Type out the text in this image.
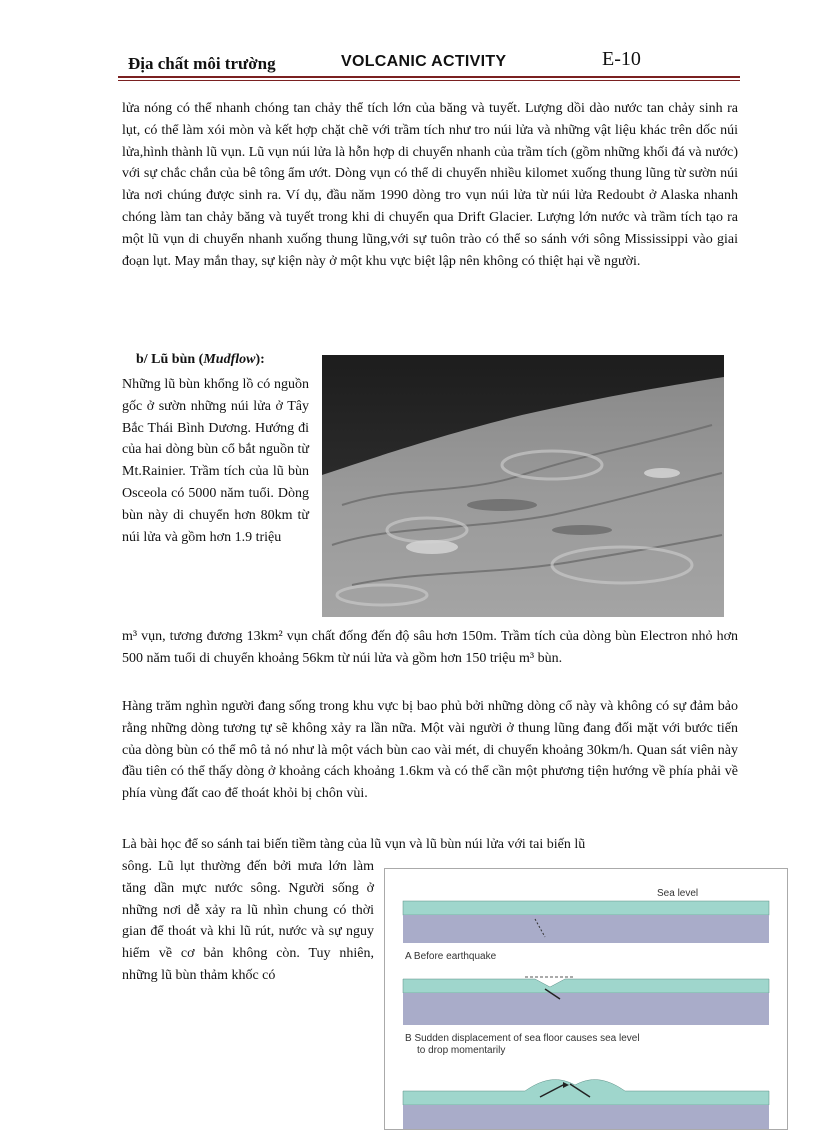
Địa chất môi trường	VOLCANIC ACTIVITY	E-10

lửa nóng có thể nhanh chóng tan chảy thể tích lớn của băng và tuyết. Lượng dồi dào nước tan chảy sinh ra lụt, có thể làm xói mòn và kết hợp chặt chẽ với trầm tích như tro núi lửa và những vật liệu khác trên dốc núi lửa,hình thành lũ vụn. Lũ vụn núi lửa là hỗn hợp di chuyển nhanh của trầm tích (gồm những khối đá và nước) với sự chắc chắn của bê tông ẩm ướt. Dòng vụn có thể di chuyển nhiều kilomet xuống thung lũng từ sườn núi lửa nơi chúng được sinh ra. Ví dụ, đầu năm 1990 dòng tro vụn núi lửa từ núi lửa Redoubt ở Alaska nhanh chóng làm tan chảy băng và tuyết trong khi di chuyển qua Drift Glacier. Lượng lớn nước và trầm tích tạo ra một lũ vụn di chuyển nhanh xuống thung lũng,với sự tuôn trào có thể so sánh với sông Mississippi vào giai đoạn lụt. May mắn thay, sự kiện này ở một khu vực biệt lập nên không có thiệt hại về người.

b/ Lũ bùn (Mudflow):

Những lũ bùn khổng lồ có nguồn gốc ở sườn những núi lửa ở Tây Bắc Thái Bình Dương. Hướng đi của hai dòng bùn cổ bắt nguồn từ Mt.Rainier. Trầm tích của lũ bùn Osceola có 5000 năm tuổi. Dòng bùn này di chuyển hơn 80km từ núi lửa và gồm hơn 1.9 triệu

m³ vụn, tương đương 13km² vụn chất đống đến độ sâu hơn 150m. Trầm tích của dòng bùn Electron nhỏ hơn 500 năm tuổi di chuyển khoảng 56km từ núi lửa và gồm hơn 150 triệu m³ bùn.

Hàng trăm nghìn người đang sống trong khu vực bị bao phủ bởi những dòng cổ này và không có sự đảm bảo rằng những dòng tương tự sẽ không xảy ra lần nữa. Một vài người ở thung lũng đang đối mặt với bước tiến của dòng bùn có thể mô tả nó như là một vách bùn cao vài mét, di chuyển khoảng 30km/h. Quan sát viên này đầu tiên có thể thấy dòng ở khoảng cách khoảng 1.6km và có thể cần một phương tiện hướng về phía phải về phía vùng đất cao để thoát khỏi bị chôn vùi.

Là bài học để so sánh tai biến tiềm tàng của lũ vụn và lũ bùn núi lửa với tai biến lũ

sông. Lũ lụt thường đến bởi mưa lớn làm tăng dần mực nước sông. Người sống ở những nơi dễ xảy ra lũ nhìn chung có thời gian để thoát và khi lũ rút, nước và sự nguy hiểm về cơ bản không còn. Tuy nhiên, những lũ bùn thảm khốc có

Sea level
A Before earthquake
B Sudden displacement of sea floor causes sea level
to drop momentarily
